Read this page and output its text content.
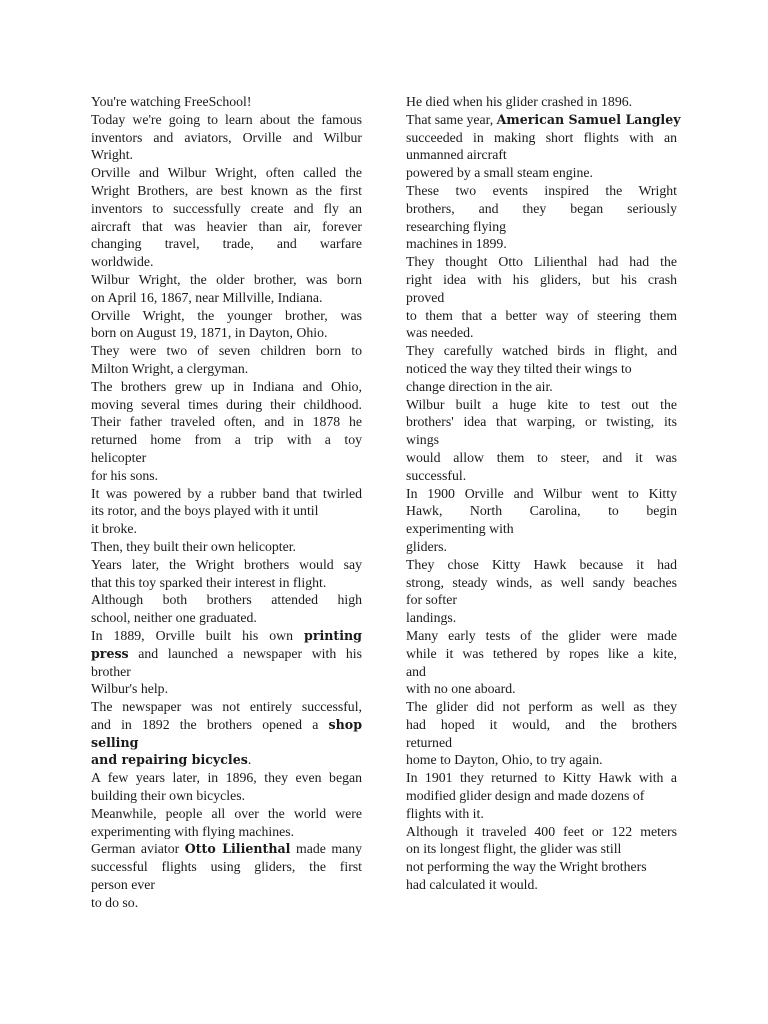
You're watching FreeSchool!
Today we're going to learn about the famous
inventors and aviators, Orville and Wilbur
Wright.
Orville and Wilbur Wright, often called the
Wright Brothers, are best known as the first
inventors to successfully create and fly an
aircraft that was heavier than air, forever
changing travel, trade, and warfare
worldwide.
Wilbur Wright, the older brother, was born
on April 16, 1867, near Millville, Indiana.
Orville Wright, the younger brother, was
born on August 19, 1871, in Dayton, Ohio.
They were two of seven children born to
Milton Wright, a clergyman.
The brothers grew up in Indiana and Ohio,
moving several times during their childhood.
Their father traveled often, and in 1878 he
returned home from a trip with a toy
helicopter
for his sons.
It was powered by a rubber band that twirled
its rotor, and the boys played with it until
it broke.
Then, they built their own helicopter.
Years later, the Wright brothers would say
that this toy sparked their interest in flight.
Although both brothers attended high
school, neither one graduated.
In 1889, Orville built his own printing
press and launched a newspaper with his
brother
Wilbur's help.
The newspaper was not entirely successful,
and in 1892 the brothers opened a shop
selling
and repairing bicycles.
A few years later, in 1896, they even began
building their own bicycles.
Meanwhile, people all over the world were
experimenting with flying machines.
German aviator Otto Lilienthal made many
successful flights using gliders, the first
person ever
to do so.
He died when his glider crashed in 1896.
That same year, American Samuel Langley
succeeded in making short flights with an
unmanned aircraft
powered by a small steam engine.
These two events inspired the Wright
brothers, and they began seriously
researching flying
machines in 1899.
They thought Otto Lilienthal had had the
right idea with his gliders, but his crash
proved
to them that a better way of steering them
was needed.
They carefully watched birds in flight, and
noticed the way they tilted their wings to
change direction in the air.
Wilbur built a huge kite to test out the
brothers' idea that warping, or twisting, its
wings
would allow them to steer, and it was
successful.
In 1900 Orville and Wilbur went to Kitty
Hawk, North Carolina, to begin
experimenting with
gliders.
They chose Kitty Hawk because it had
strong, steady winds, as well sandy beaches
for softer
landings.
Many early tests of the glider were made
while it was tethered by ropes like a kite,
and
with no one aboard.
The glider did not perform as well as they
had hoped it would, and the brothers
returned
home to Dayton, Ohio, to try again.
In 1901 they returned to Kitty Hawk with a
modified glider design and made dozens of
flights with it.
Although it traveled 400 feet or 122 meters
on its longest flight, the glider was still
not performing the way the Wright brothers
had calculated it would.
